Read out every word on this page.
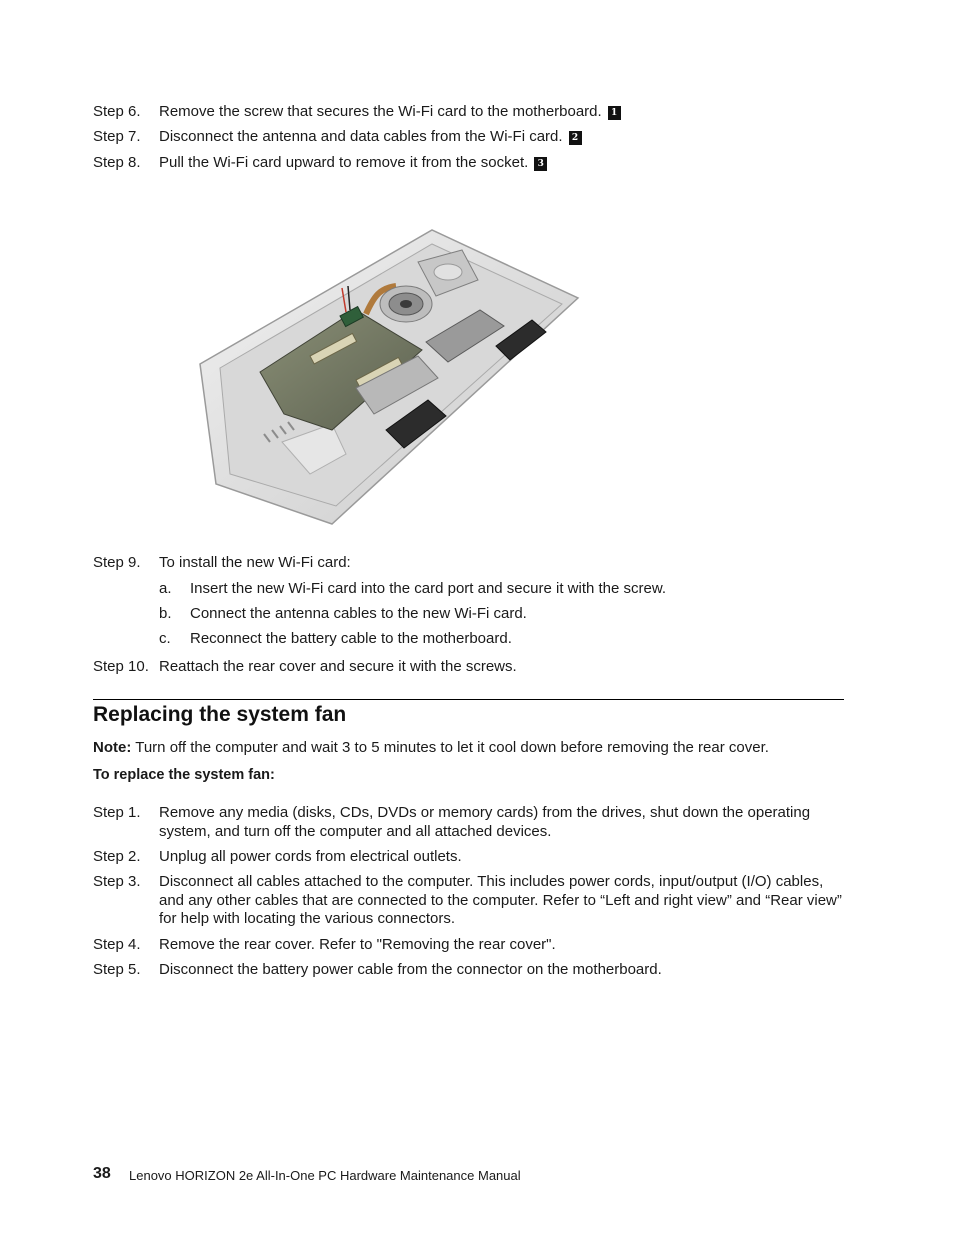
Step 6. Remove the screw that secures the Wi-Fi card to the motherboard. 1
Step 7. Disconnect the antenna and data cables from the Wi-Fi card. 2
Step 8. Pull the Wi-Fi card upward to remove it from the socket. 3
Step 9. To install the new Wi-Fi card:
a. Insert the new Wi-Fi card into the card port and secure it with the screw.
b. Connect the antenna cables to the new Wi-Fi card.
c. Reconnect the battery cable to the motherboard.
Step 10. Reattach the rear cover and secure it with the screws.
Replacing the system fan
Note: Turn off the computer and wait 3 to 5 minutes to let it cool down before removing the rear cover.
To replace the system fan:
Step 1. Remove any media (disks, CDs, DVDs or memory cards) from the drives, shut down the operating system, and turn off the computer and all attached devices.
Step 2. Unplug all power cords from electrical outlets.
Step 3. Disconnect all cables attached to the computer. This includes power cords, input/output (I/O) cables, and any other cables that are connected to the computer. Refer to “Left and right view” and “Rear view” for help with locating the various connectors.
Step 4. Remove the rear cover. Refer to "Removing the rear cover".
Step 5. Disconnect the battery power cable from the connector on the motherboard.
38 Lenovo HORIZON 2e All-In-One PC Hardware Maintenance Manual
